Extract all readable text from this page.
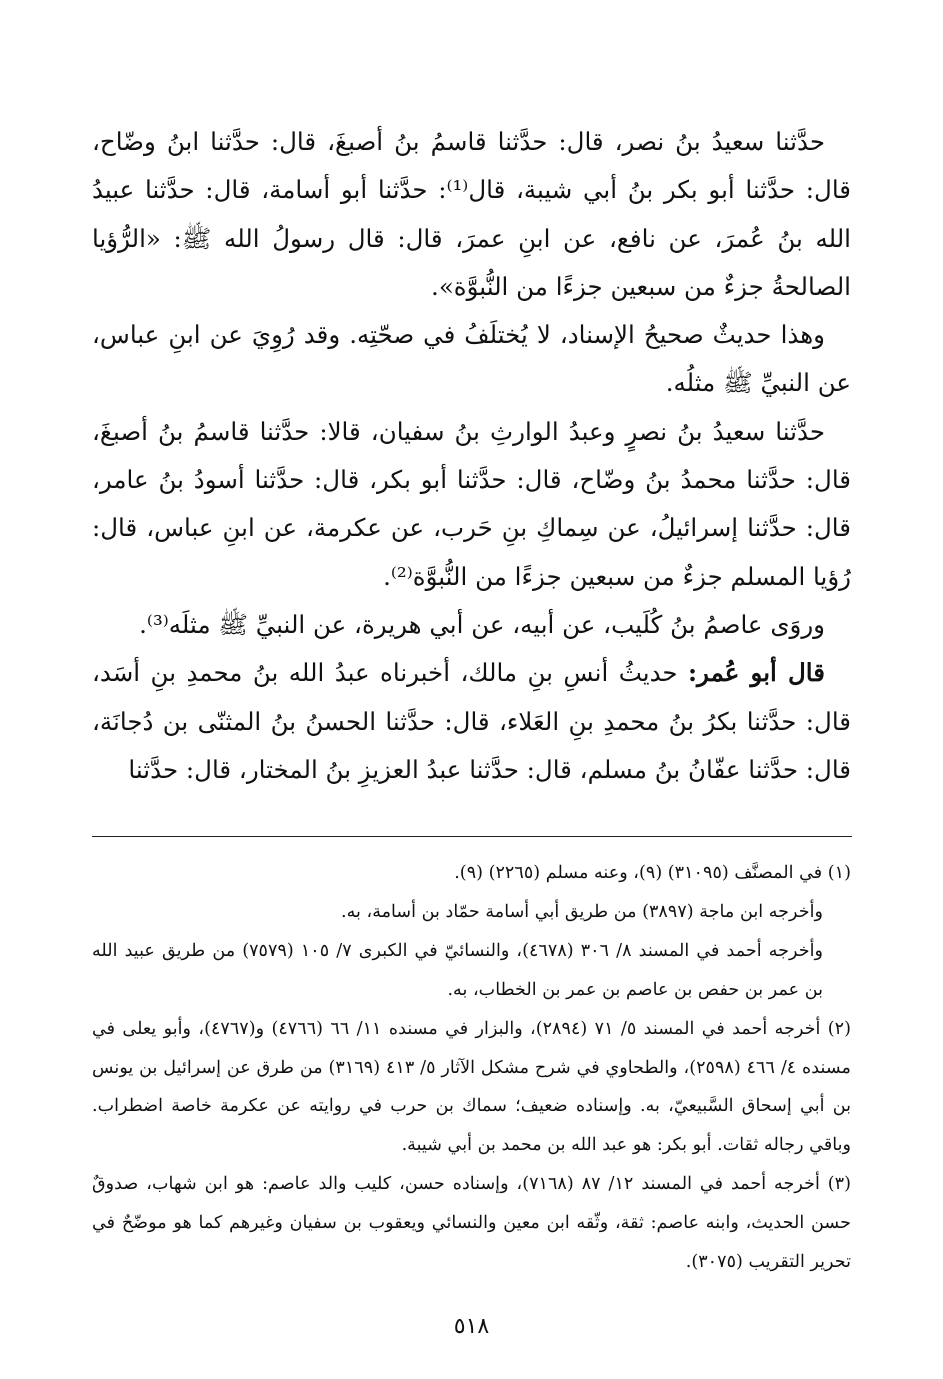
حدَّثنا سعيدُ بنُ نصر، قال: حدَّثنا قاسمُ بنُ أصبغَ، قال: حدَّثنا ابنُ وضّاح، قال: حدَّثنا أبو بكر بنُ أبي شيبة، قال⁽¹⁾: حدَّثنا أبو أسامة، قال: حدَّثنا عبيدُ الله بنُ عُمرَ، عن نافع، عن ابنِ عمرَ، قال: قال رسولُ الله ﷺ: «الرُّؤيا الصالحةُ جزءٌ من سبعين جزءًا من النُّبوَّة».

وهذا حديثٌ صحيحُ الإسناد، لا يُختلَفُ في صحّتِه. وقد رُوِيَ عن ابنِ عباس، عن النبيِّ ﷺ مثلُه.

حدَّثنا سعيدُ بنُ نصرٍ وعبدُ الوارثِ بنُ سفيان، قالا: حدَّثنا قاسمُ بنُ أصبغَ، قال: حدَّثنا محمدُ بنُ وضّاح، قال: حدَّثنا أبو بكر، قال: حدَّثنا أسودُ بنُ عامر، قال: حدَّثنا إسرائيلُ، عن سِماكِ بنِ حَرب، عن عكرمة، عن ابنِ عباس، قال: رُؤيا المسلم جزءٌ من سبعين جزءًا من النُّبوَّة⁽²⁾.

وروَى عاصمُ بنُ كُلَيب، عن أبيه، عن أبي هريرة، عن النبيِّ ﷺ مثلَه⁽³⁾.

قال أبو عُمر: حديثُ أنسِ بنِ مالك، أخبرناه عبدُ الله بنُ محمدِ بنِ أسَد، قال: حدَّثنا بكرُ بنُ محمدِ بنِ العَلاء، قال: حدَّثنا الحسنُ بنُ المثنّى بن دُجانَة، قال: حدَّثنا عفّانُ بنُ مسلم، قال: حدَّثنا عبدُ العزيزِ بنُ المختار، قال: حدَّثنا

(١) في المصنَّف (٣١٠٩٥) (٩)، وعنه مسلم (٢٢٦٥) (٩).

وأخرجه ابن ماجة (٣٨٩٧) من طريق أبي أسامة حمّاد بن أسامة، به.

وأخرجه أحمد في المسند ٨/ ٣٠٦ (٤٦٧٨)، والنسائيّ في الكبرى ٧/ ١٠٥ (٧٥٧٩) من طريق عبيد الله بن عمر بن حفص بن عاصم بن عمر بن الخطاب، به.

(٢) أخرجه أحمد في المسند ٥/ ٧١ (٢٨٩٤)، والبزار في مسنده ١١/ ٦٦ (٤٧٦٦) و(٤٧٦٧)، وأبو يعلى في مسنده ٤/ ٤٦٦ (٢٥٩٨)، والطحاوي في شرح مشكل الآثار ٥/ ٤١٣ (٣١٦٩) من طرق عن إسرائيل بن يونس بن أبي إسحاق السَّبيعيّ، به. وإسناده ضعيف؛ سماك بن حرب في روايته عن عكرمة خاصة اضطراب. وباقي رجاله ثقات. أبو بكر: هو عبد الله بن محمد بن أبي شيبة.

(٣) أخرجه أحمد في المسند ١٢/ ٨٧ (٧١٦٨)، وإسناده حسن، كليب والد عاصم: هو ابن شهاب، صدوقٌ حسن الحديث، وابنه عاصم: ثقة، وثّقه ابن معين والنسائي ويعقوب بن سفيان وغيرهم كما هو موضّحٌ في تحرير التقريب (٣٠٧٥).

٥١٨
